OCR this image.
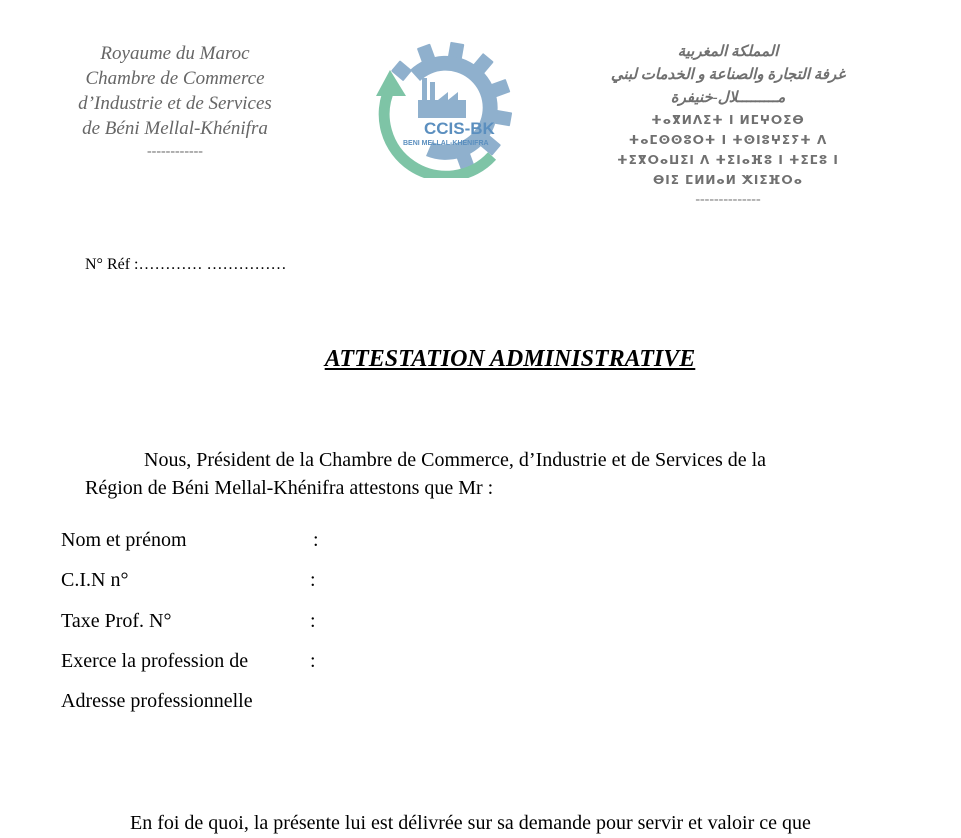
Royaume du Maroc
Chambre de Commerce
d’Industrie et de Services
de Béni Mellal-Khénifra
------------
CCIS-BK
BENI MELLAL-KHENIFRA
المملكة المغربية
غرفة التجارة والصناعة و الخدمات لبني
مـــــــــلال-خنيفرة
ⵜⴰⴳⵍⴷⵉⵜ ⵏ ⵍⵎⵖⵔⵉⴱ
ⵜⴰⵎⵙⵙⵓⵔⵜ ⵏ ⵜⵙⵏⵓⵖⵉⵢⵜ ⴷ
ⵜⵉⴳⵔⴰⵡⵉⵏ ⴷ ⵜⵉⵏⴰⴼⵓ ⵏ ⵜⵉⵎⵓ ⵏ
ⴱⵏⵉ ⵎⵍⵍⴰⵍ ⵅⵏⵉⴼⵔⴰ
--------------
N° Réf :………… ……………
ATTESTATION ADMINISTRATIVE
Nous, Président de la Chambre de Commerce, d’Industrie et de Services de la
Région de Béni Mellal-Khénifra attestons que Mr :
Nom et prénom	:
C.I.N n°	:
Taxe Prof. N°	:
Exerce la profession de	:
Adresse professionnelle
En foi de quoi, la présente lui est délivrée sur sa demande pour servir et valoir ce que
